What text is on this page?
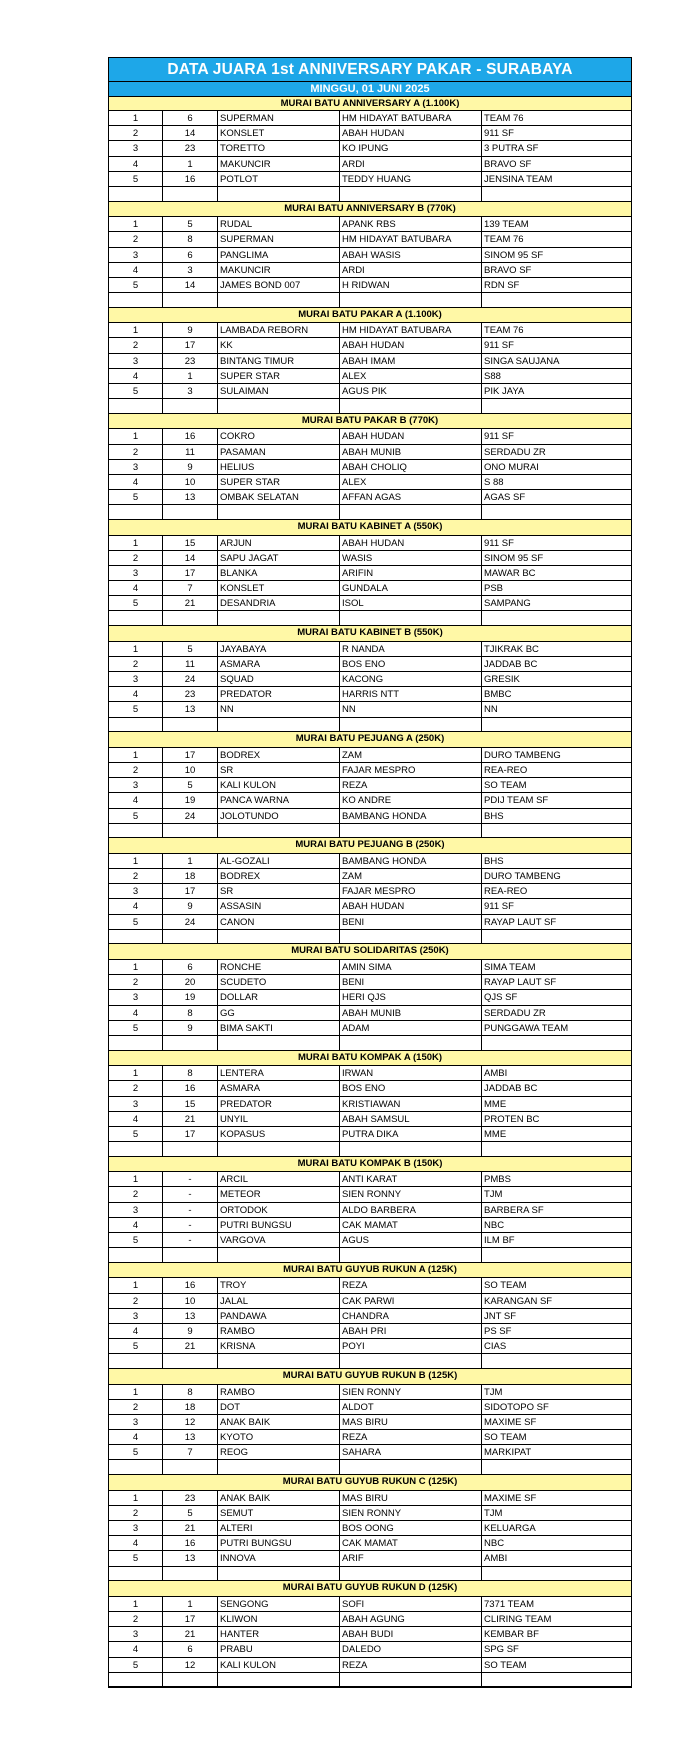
DATA JUARA 1st ANNIVERSARY PAKAR - SURABAYA
MINGGU, 01 JUNI 2025
MURAI BATU ANNIVERSARY A (1.100K)
1	6	SUPERMAN	HM HIDAYAT BATUBARA	TEAM 76
2	14	KONSLET	ABAH HUDAN	911 SF
3	23	TORETTO	KO IPUNG	3 PUTRA SF
4	1	MAKUNCIR	ARDI	BRAVO SF
5	16	POTLOT	TEDDY HUANG	JENSINA TEAM
MURAI BATU ANNIVERSARY B (770K)
1	5	RUDAL	APANK RBS	139 TEAM
2	8	SUPERMAN	HM HIDAYAT BATUBARA	TEAM 76
3	6	PANGLIMA	ABAH WASIS	SINOM 95 SF
4	3	MAKUNCIR	ARDI	BRAVO SF
5	14	JAMES BOND 007	H RIDWAN	RDN SF
MURAI BATU PAKAR A (1.100K)
1	9	LAMBADA REBORN	HM HIDAYAT BATUBARA	TEAM 76
2	17	KK	ABAH HUDAN	911 SF
3	23	BINTANG TIMUR	ABAH IMAM	SINGA SAUJANA
4	1	SUPER STAR	ALEX	S88
5	3	SULAIMAN	AGUS PIK	PIK JAYA
MURAI BATU PAKAR B (770K)
1	16	COKRO	ABAH HUDAN	911 SF
2	11	PASAMAN	ABAH MUNIB	SERDADU ZR
3	9	HELIUS	ABAH CHOLIQ	ONO MURAI
4	10	SUPER STAR	ALEX	S 88
5	13	OMBAK SELATAN	AFFAN AGAS	AGAS SF
MURAI BATU KABINET A (550K)
1	15	ARJUN	ABAH HUDAN	911 SF
2	14	SAPU JAGAT	WASIS	SINOM 95 SF
3	17	BLANKA	ARIFIN	MAWAR BC
4	7	KONSLET	GUNDALA	PSB
5	21	DESANDRIA	ISOL	SAMPANG
MURAI BATU KABINET B (550K)
1	5	JAYABAYA	R NANDA	TJIKRAK BC
2	11	ASMARA	BOS ENO	JADDAB BC
3	24	SQUAD	KACONG	GRESIK
4	23	PREDATOR	HARRIS NTT	BMBC
5	13	NN	NN	NN
MURAI BATU PEJUANG A (250K)
1	17	BODREX	ZAM	DURO TAMBENG
2	10	SR	FAJAR MESPRO	REA-REO
3	5	KALI KULON	REZA	SO TEAM
4	19	PANCA WARNA	KO ANDRE	PDIJ TEAM SF
5	24	JOLOTUNDO	BAMBANG HONDA	BHS
MURAI BATU PEJUANG B (250K)
1	1	AL-GOZALI	BAMBANG HONDA	BHS
2	18	BODREX	ZAM	DURO TAMBENG
3	17	SR	FAJAR MESPRO	REA-REO
4	9	ASSASIN	ABAH HUDAN	911 SF
5	24	CANON	BENI	RAYAP LAUT SF
MURAI BATU SOLIDARITAS (250K)
1	6	RONCHE	AMIN SIMA	SIMA TEAM
2	20	SCUDETO	BENI	RAYAP LAUT SF
3	19	DOLLAR	HERI QJS	QJS SF
4	8	GG	ABAH MUNIB	SERDADU ZR
5	9	BIMA SAKTI	ADAM	PUNGGAWA TEAM
MURAI BATU KOMPAK A (150K)
1	8	LENTERA	IRWAN	AMBI
2	16	ASMARA	BOS ENO	JADDAB BC
3	15	PREDATOR	KRISTIAWAN	MME
4	21	UNYIL	ABAH SAMSUL	PROTEN BC
5	17	KOPASUS	PUTRA DIKA	MME
MURAI BATU KOMPAK B (150K)
1	-	ARCIL	ANTI KARAT	PMBS
2	-	METEOR	SIEN RONNY	TJM
3	-	ORTODOK	ALDO BARBERA	BARBERA SF
4	-	PUTRI BUNGSU	CAK MAMAT	NBC
5	-	VARGOVA	AGUS	ILM BF
MURAI BATU GUYUB RUKUN A (125K)
1	16	TROY	REZA	SO TEAM
2	10	JALAL	CAK PARWI	KARANGAN SF
3	13	PANDAWA	CHANDRA	JNT SF
4	9	RAMBO	ABAH PRI	PS SF
5	21	KRISNA	POYI	CIAS
MURAI BATU GUYUB RUKUN B (125K)
1	8	RAMBO	SIEN RONNY	TJM
2	18	DOT	ALDOT	SIDOTOPO SF
3	12	ANAK BAIK	MAS BIRU	MAXIME SF
4	13	KYOTO	REZA	SO TEAM
5	7	REOG	SAHARA	MARKIPAT
MURAI BATU GUYUB RUKUN C (125K)
1	23	ANAK BAIK	MAS BIRU	MAXIME SF
2	5	SEMUT	SIEN RONNY	TJM
3	21	ALTERI	BOS OONG	KELUARGA
4	16	PUTRI BUNGSU	CAK MAMAT	NBC
5	13	INNOVA	ARIF	AMBI
MURAI BATU GUYUB RUKUN D (125K)
1	1	SENGONG	SOFI	7371 TEAM
2	17	KLIWON	ABAH AGUNG	CLIRING TEAM
3	21	HANTER	ABAH BUDI	KEMBAR BF
4	6	PRABU	DALEDO	SPG SF
5	12	KALI KULON	REZA	SO TEAM
